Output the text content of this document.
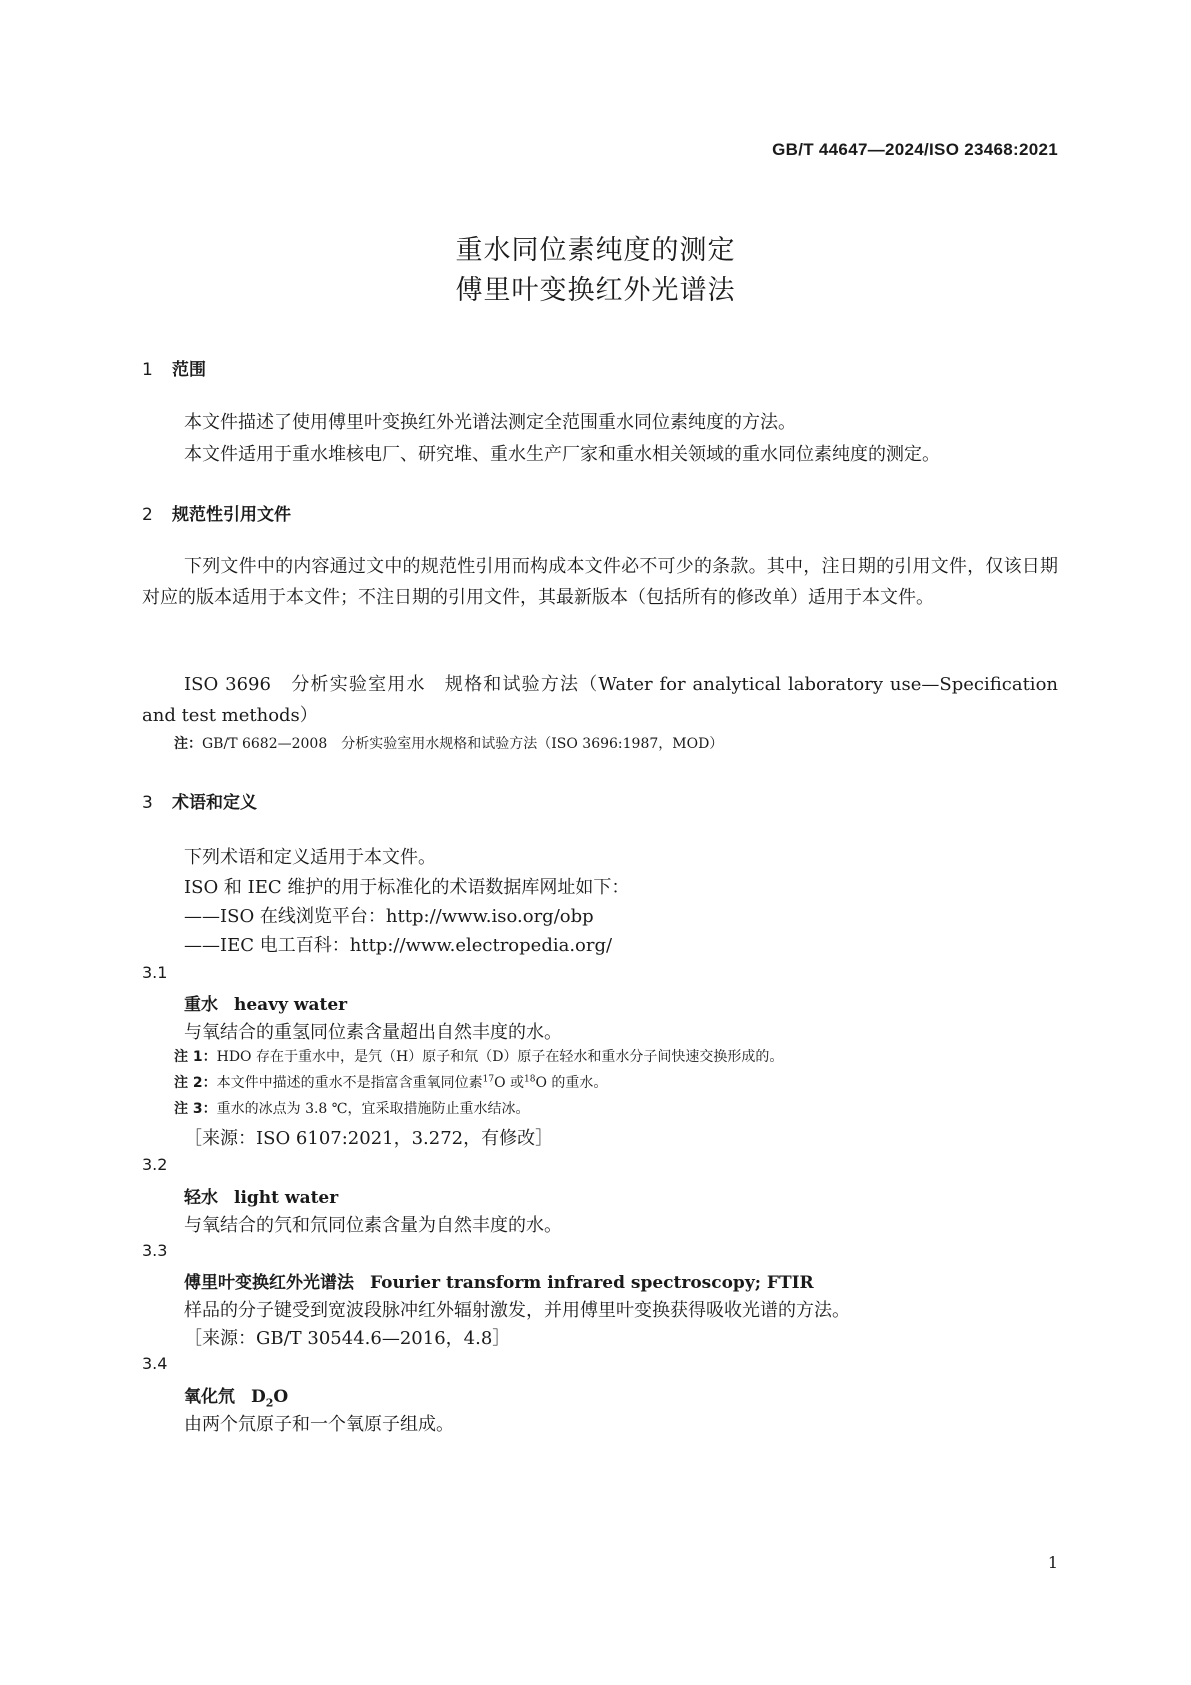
GB/T 44647—2024/ISO 23468:2021
重水同位素纯度的测定
傅里叶变换红外光谱法
1 范围
本文件描述了使用傅里叶变换红外光谱法测定全范围重水同位素纯度的方法。
本文件适用于重水堆核电厂、研究堆、重水生产厂家和重水相关领域的重水同位素纯度的测定。
2 规范性引用文件
下列文件中的内容通过文中的规范性引用而构成本文件必不可少的条款。其中，注日期的引用文件，仅该日期对应的版本适用于本文件；不注日期的引用文件，其最新版本（包括所有的修改单）适用于本文件。
ISO 3696　分析实验室用水　规格和试验方法（Water for analytical laboratory use—Specification and test methods）
注：GB/T 6682—2008　分析实验室用水规格和试验方法（ISO 3696:1987，MOD）
3 术语和定义
下列术语和定义适用于本文件。
ISO 和 IEC 维护的用于标准化的术语数据库网址如下：
——ISO 在线浏览平台：http://www.iso.org/obp
——IEC 电工百科：http://www.electropedia.org/
3.1
重水 heavy water
与氧结合的重氢同位素含量超出自然丰度的水。
注 1：HDO 存在于重水中，是氕（H）原子和氘（D）原子在轻水和重水分子间快速交换形成的。
注 2：本文件中描述的重水不是指富含重氧同位素$^{17}$O 或$^{18}$O 的重水。
注 3：重水的冰点为 3.8 ℃，宜采取措施防止重水结冰。
［来源：ISO 6107:2021，3.272，有修改］
3.2
轻水 light water
与氧结合的氕和氘同位素含量为自然丰度的水。
3.3
傅里叶变换红外光谱法 Fourier transform infrared spectroscopy; FTIR
样品的分子键受到宽波段脉冲红外辐射激发，并用傅里叶变换获得吸收光谱的方法。
［来源：GB/T 30544.6—2016，4.8］
3.4
氧化氘 $D_2O$
由两个氘原子和一个氧原子组成。
1
